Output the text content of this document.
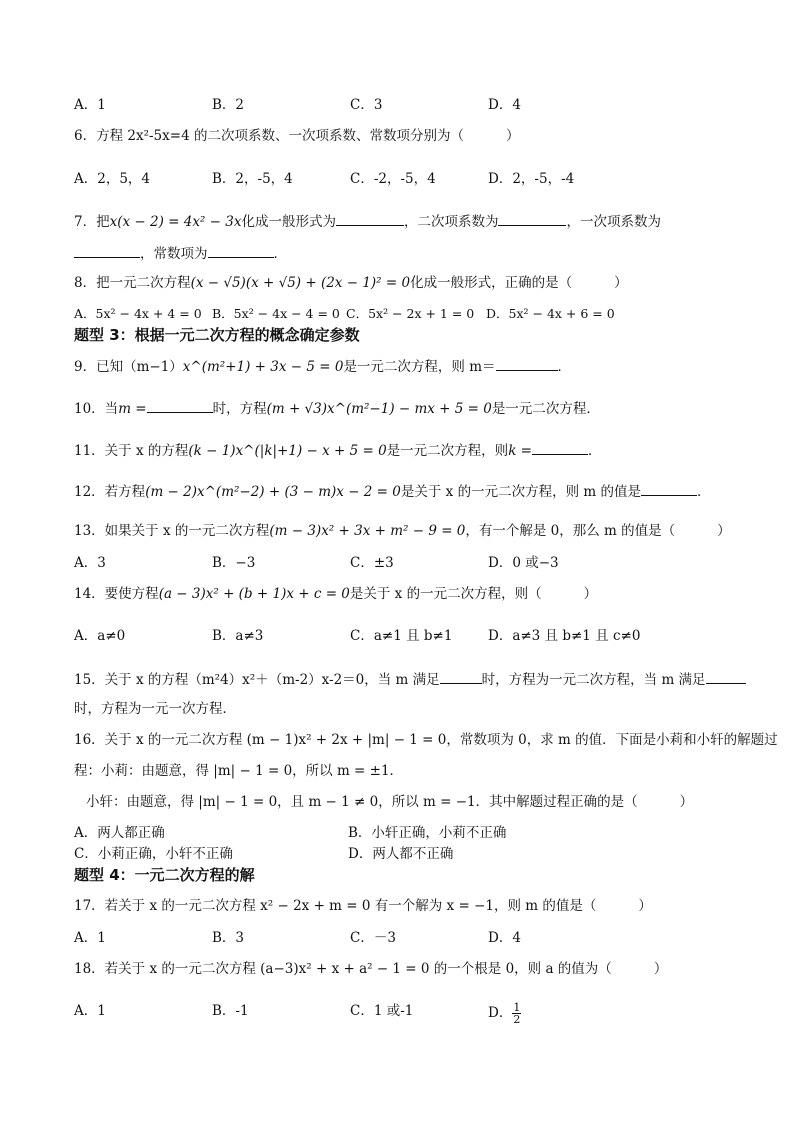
A．1	B．2	C．3	D．4
6．方程 2x²-5x=4 的二次项系数、一次项系数、常数项分别为（	）
A．2，5，4	B．2，-5，4	C．-2，-5，4	D．2，-5，-4
7．把x(x − 2) = 4x² − 3x化成一般形式为	，二次项系数为	，一次项系数为
，常数项为	．
8．把一元二次方程(x − √5)(x + √5) + (2x − 1)² = 0化成一般形式，正确的是（	）
A．5x² − 4x + 4 = 0 B．5x² − 4x − 4 = 0 C．5x² − 2x + 1 = 0 D．5x² − 4x + 6 = 0
题型 3：根据一元二次方程的概念确定参数
9．已知（m−1）x^(m²+1) + 3x − 5 = 0是一元二次方程，则 m＝	．
10．当m =	时，方程(m + √3)x^(m²−1) − mx + 5 = 0是一元二次方程．
11．关于 x 的方程(k − 1)x^(|k|+1) − x + 5 = 0是一元二次方程，则k =	．
12．若方程(m − 2)x^(m²−2) + (3 − m)x − 2 = 0是关于 x 的一元二次方程，则 m 的值是	．
13．如果关于 x 的一元二次方程(m − 3)x² + 3x + m² − 9 = 0，有一个解是 0，那么 m 的值是（	）
A．3	B．−3	C．±3	D．0 或−3
14．要使方程(a − 3)x² + (b + 1)x + c = 0是关于 x 的一元二次方程，则（	）
A．a≠0	B．a≠3	C．a≠1 且 b≠1	D．a≠3 且 b≠1 且 c≠0
15．关于 x 的方程（m²4）x²＋（m-2）x-2＝0，当 m 满足	时，方程为一元二次方程，当 m 满足
时，方程为一元一次方程．
16．关于 x 的一元二次方程 (m − 1)x² + 2x + |m| − 1 = 0，常数项为 0，求 m 的值．下面是小莉和小轩的解题过
程：小莉：由题意，得 |m| − 1 = 0，所以 m = ±1．
小轩：由题意，得 |m| − 1 = 0，且 m − 1 ≠ 0，所以 m = −1．其中解题过程正确的是（	）
A．两人都正确	B．小轩正确，小莉不正确
C．小莉正确，小轩不正确	D．两人都不正确
题型 4：一元二次方程的解
17．若关于 x 的一元二次方程 x² − 2x + m = 0 有一个解为 x = −1，则 m 的值是（	）
A．1	B．3	C．－3	D．4
18．若关于 x 的一元二次方程 (a−3)x² + x + a² − 1 = 0 的一个根是 0，则 a 的值为（	）
A．1	B．-1	C．1 或-1	D． $\frac{1}{2}$
